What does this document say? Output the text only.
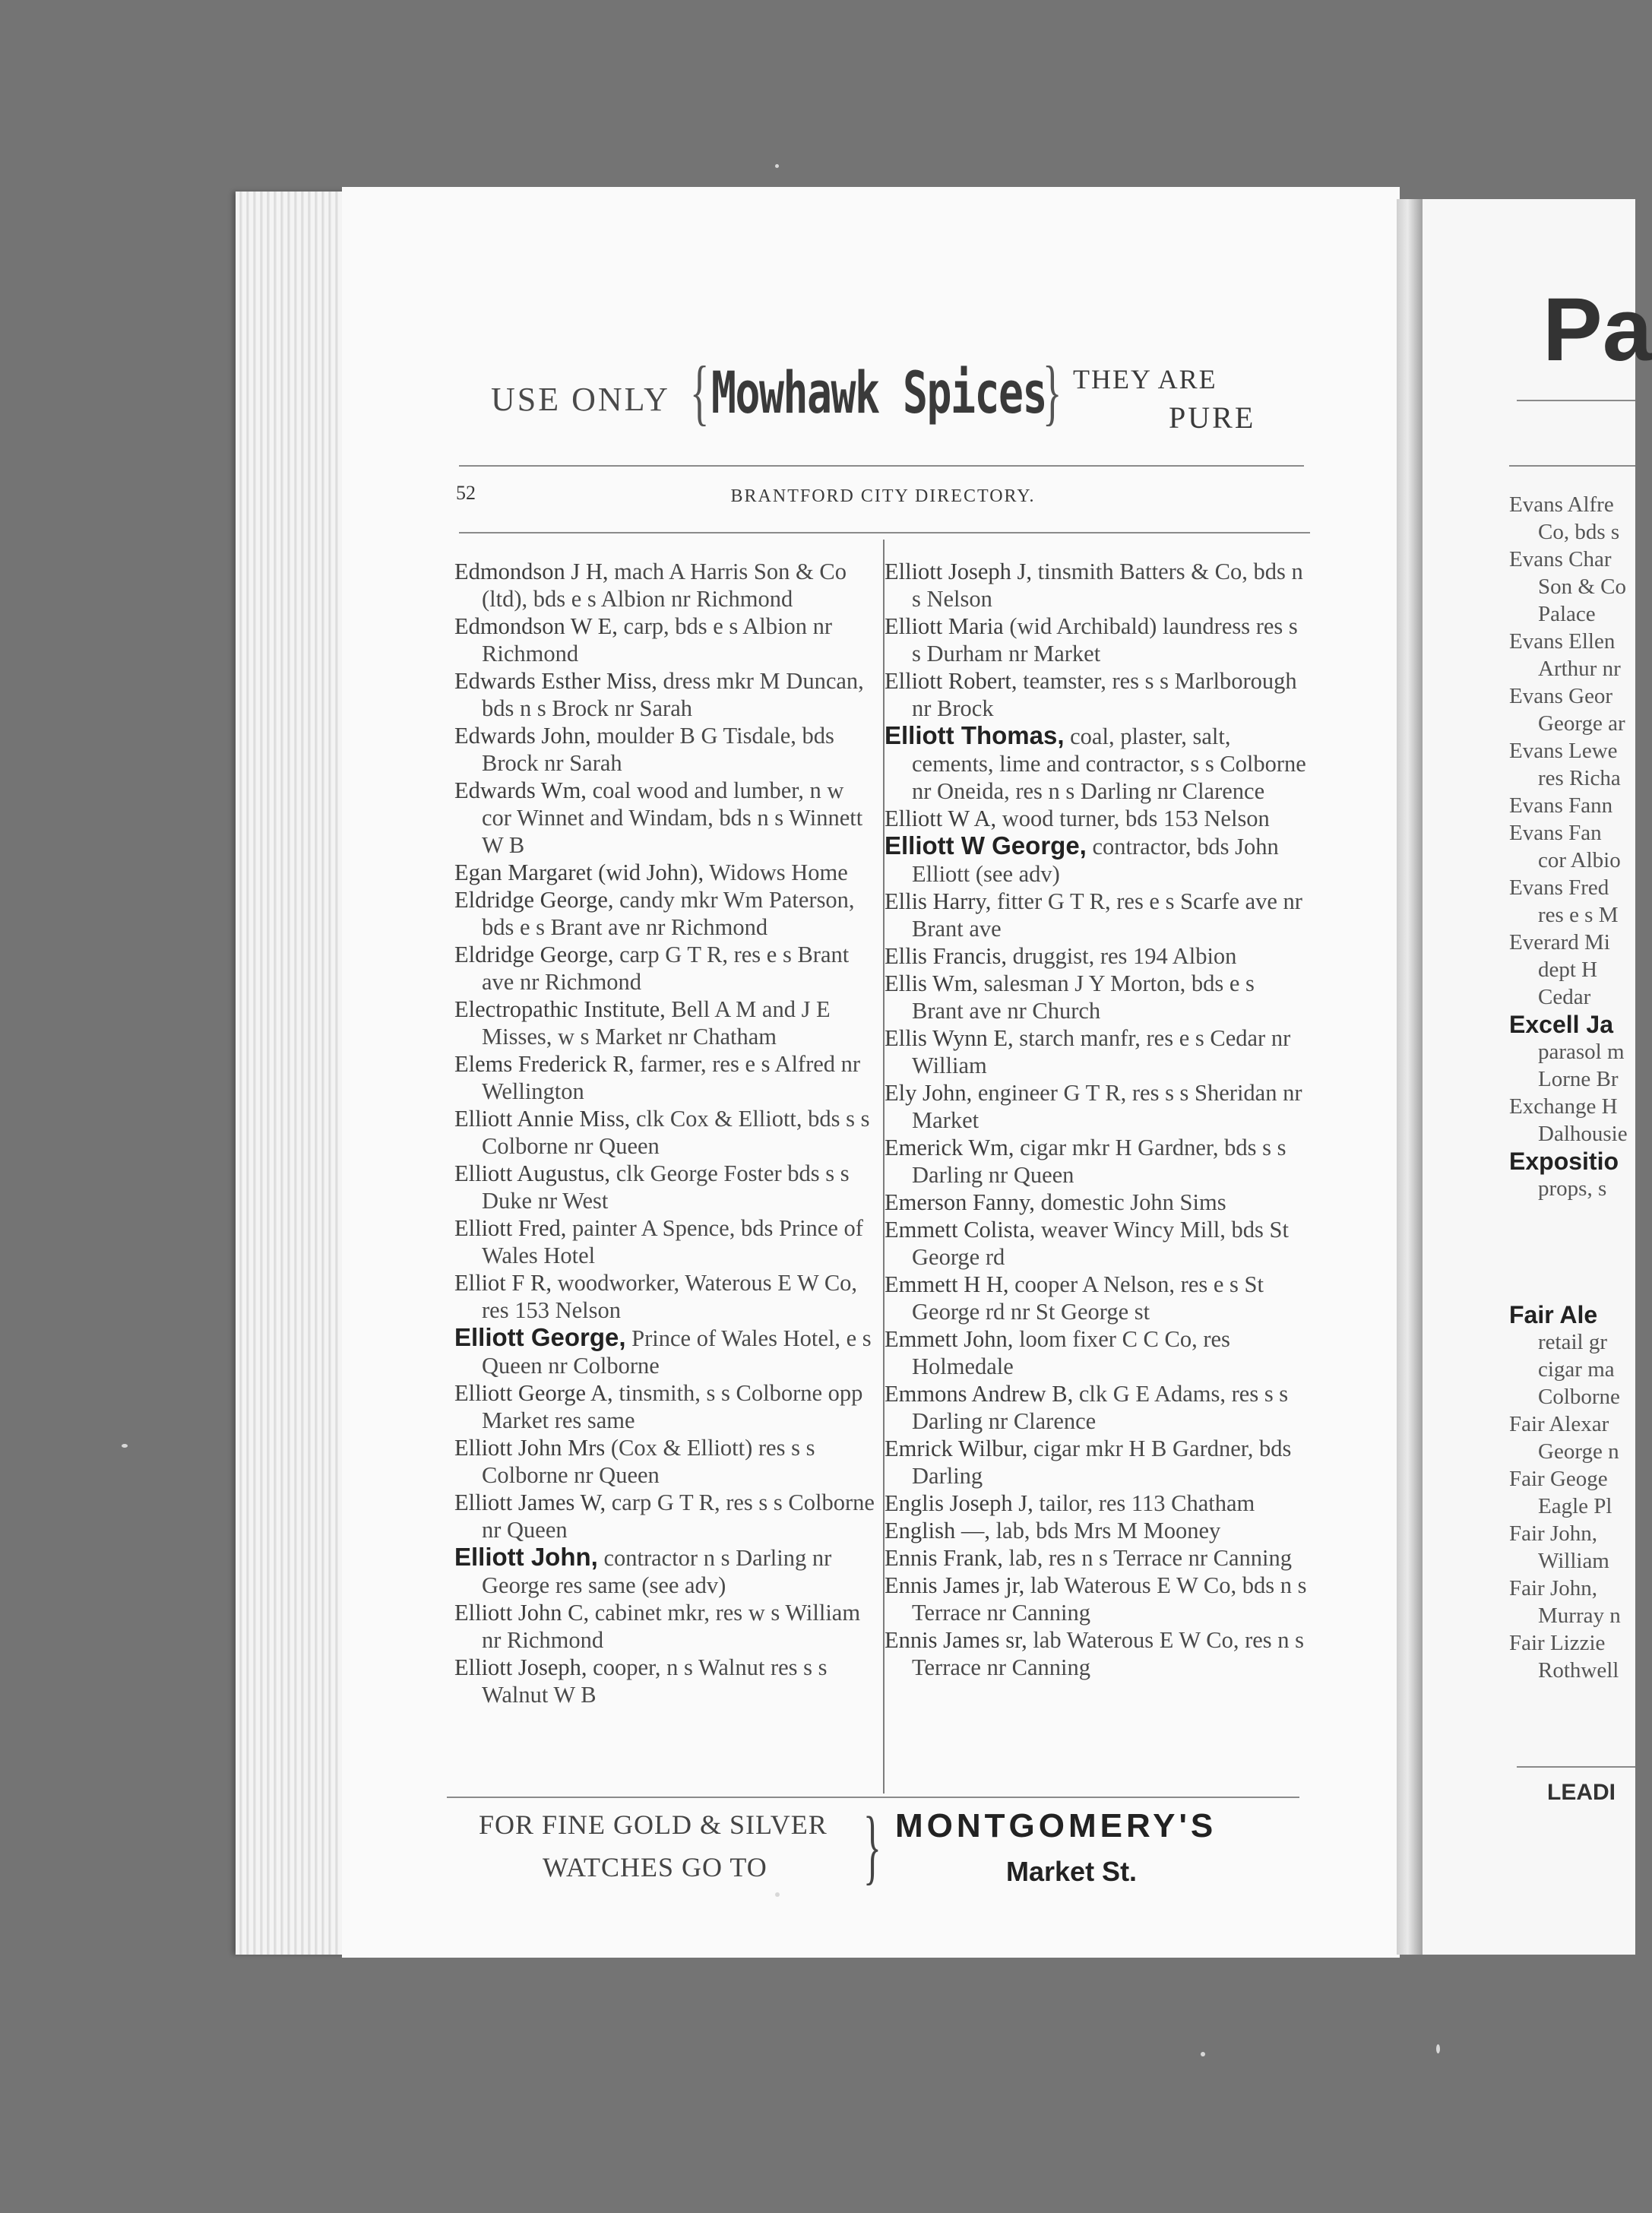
USE ONLY { Mowhawk Spices
} THEY ARE
PURE
52	BRANTFORD CITY DIRECTORY.
Edmondson J H, mach A Harris Son & Co (ltd), bds e s Albion nr Richmond
Edmondson W E, carp, bds e s Albion nr Richmond
Edwards Esther Miss, dress mkr M Duncan, bds n s Brock nr Sarah
Edwards John, moulder B G Tisdale, bds Brock nr Sarah
Edwards Wm, coal wood and lumber, n w cor Winnet and Windam, bds n s Winnett W B
Egan Margaret (wid John), Widows Home
Eldridge George, candy mkr Wm Paterson, bds e s Brant ave nr Richmond
Eldridge George, carp G T R, res e s Brant ave nr Richmond
Electropathic Institute, Bell A M and J E Misses, w s Market nr Chatham
Elems Frederick R, farmer, res e s Alfred nr Wellington
Elliott Annie Miss, clk Cox & Elliott, bds s s Colborne nr Queen
Elliott Augustus, clk George Foster bds s s Duke nr West
Elliott Fred, painter A Spence, bds Prince of Wales Hotel
Elliot F R, woodworker, Waterous E W Co, res 153 Nelson
Elliott George, Prince of Wales Hotel, e s Queen nr Colborne
Elliott George A, tinsmith, s s Colborne opp Market res same
Elliott John Mrs (Cox & Elliott) res s s Colborne nr Queen
Elliott James W, carp G T R, res s s Colborne nr Queen
Elliott John, contractor n s Darling nr George res same (see adv)
Elliott John C, cabinet mkr, res w s William nr Richmond
Elliott Joseph, cooper, n s Walnut res s s Walnut W B
Elliott Joseph J, tinsmith Batters & Co, bds n s Nelson
Elliott Maria (wid Archibald) laundress res s s Durham nr Market
Elliott Robert, teamster, res s s Marlborough nr Brock
Elliott Thomas, coal, plaster, salt, cements, lime and contractor, s s Colborne nr Oneida, res n s Darling nr Clarence
Elliott W A, wood turner, bds 153 Nelson
Elliott W George, contractor, bds John Elliott (see adv)
Ellis Harry, fitter G T R, res e s Scarfe ave nr Brant ave
Ellis Francis, druggist, res 194 Albion
Ellis Wm, salesman J Y Morton, bds e s Brant ave nr Church
Ellis Wynn E, starch manfr, res e s Cedar nr William
Ely John, engineer G T R, res s s Sheridan nr Market
Emerick Wm, cigar mkr H Gardner, bds s s Darling nr Queen
Emerson Fanny, domestic John Sims
Emmett Colista, weaver Wincy Mill, bds St George rd
Emmett H H, cooper A Nelson, res e s St George rd nr St George st
Emmett John, loom fixer C C Co, res Holmedale
Emmons Andrew B, clk G E Adams, res s s Darling nr Clarence
Emrick Wilbur, cigar mkr H B Gardner, bds Darling
Englis Joseph J, tailor, res 113 Chatham
English —, lab, bds Mrs M Mooney
Ennis Frank, lab, res n s Terrace nr Canning
Ennis James jr, lab Waterous E W Co, bds n s Terrace nr Canning
Ennis James sr, lab Waterous E W Co, res n s Terrace nr Canning
FOR FINE GOLD & SILVER
WATCHES GO TO } MONTGOMERY'S
Market St.
Pa
Evans Alfre
Co, bds s
Evans Char
Son & Co
Palace
Evans Ellen
Arthur nr
Evans Geor
George ar
Evans Lewe
res Richa
Evans Fann
Evans Fan
cor Albio
Evans Fred
res e s M
Everard Mi
dept H
Cedar
Excell Ja
parasol m
Lorne Br
Exchange H
Dalhousie
Expositio
props, s
Fair Ale
retail gr
cigar ma
Colborne
Fair Alexar
George n
Fair Geoge
Eagle Pl
Fair John,
William
Fair John,
Murray n
Fair Lizzie
Rothwell
LEADI
